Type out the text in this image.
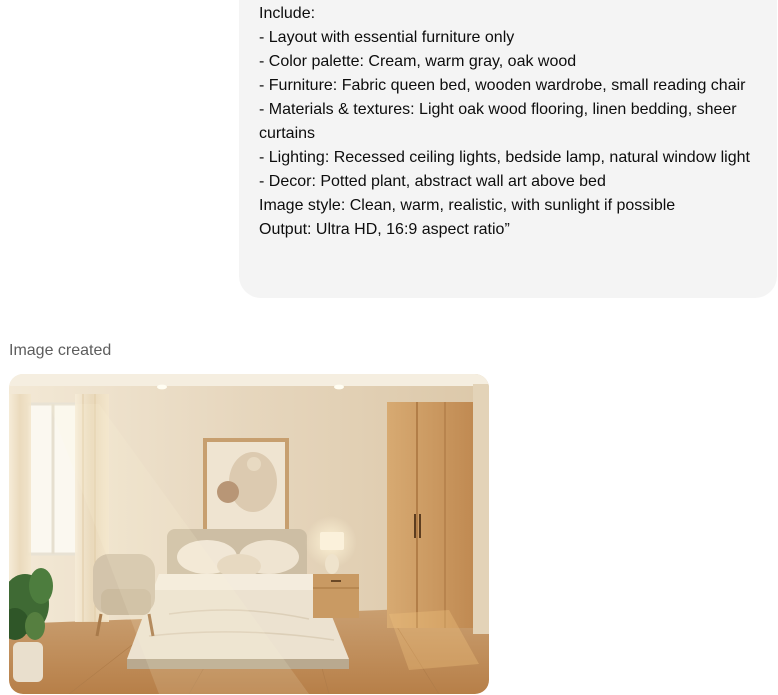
Include:
- Layout with essential furniture only
- Color palette: Cream, warm gray, oak wood
- Furniture: Fabric queen bed, wooden wardrobe, small reading chair
- Materials & textures: Light oak wood flooring, linen bedding, sheer curtains
- Lighting: Recessed ceiling lights, bedside lamp, natural window light
- Decor: Potted plant, abstract wall art above bed
Image style: Clean, warm, realistic, with sunlight if possible
Output: Ultra HD, 16:9 aspect ratio”
Image created
